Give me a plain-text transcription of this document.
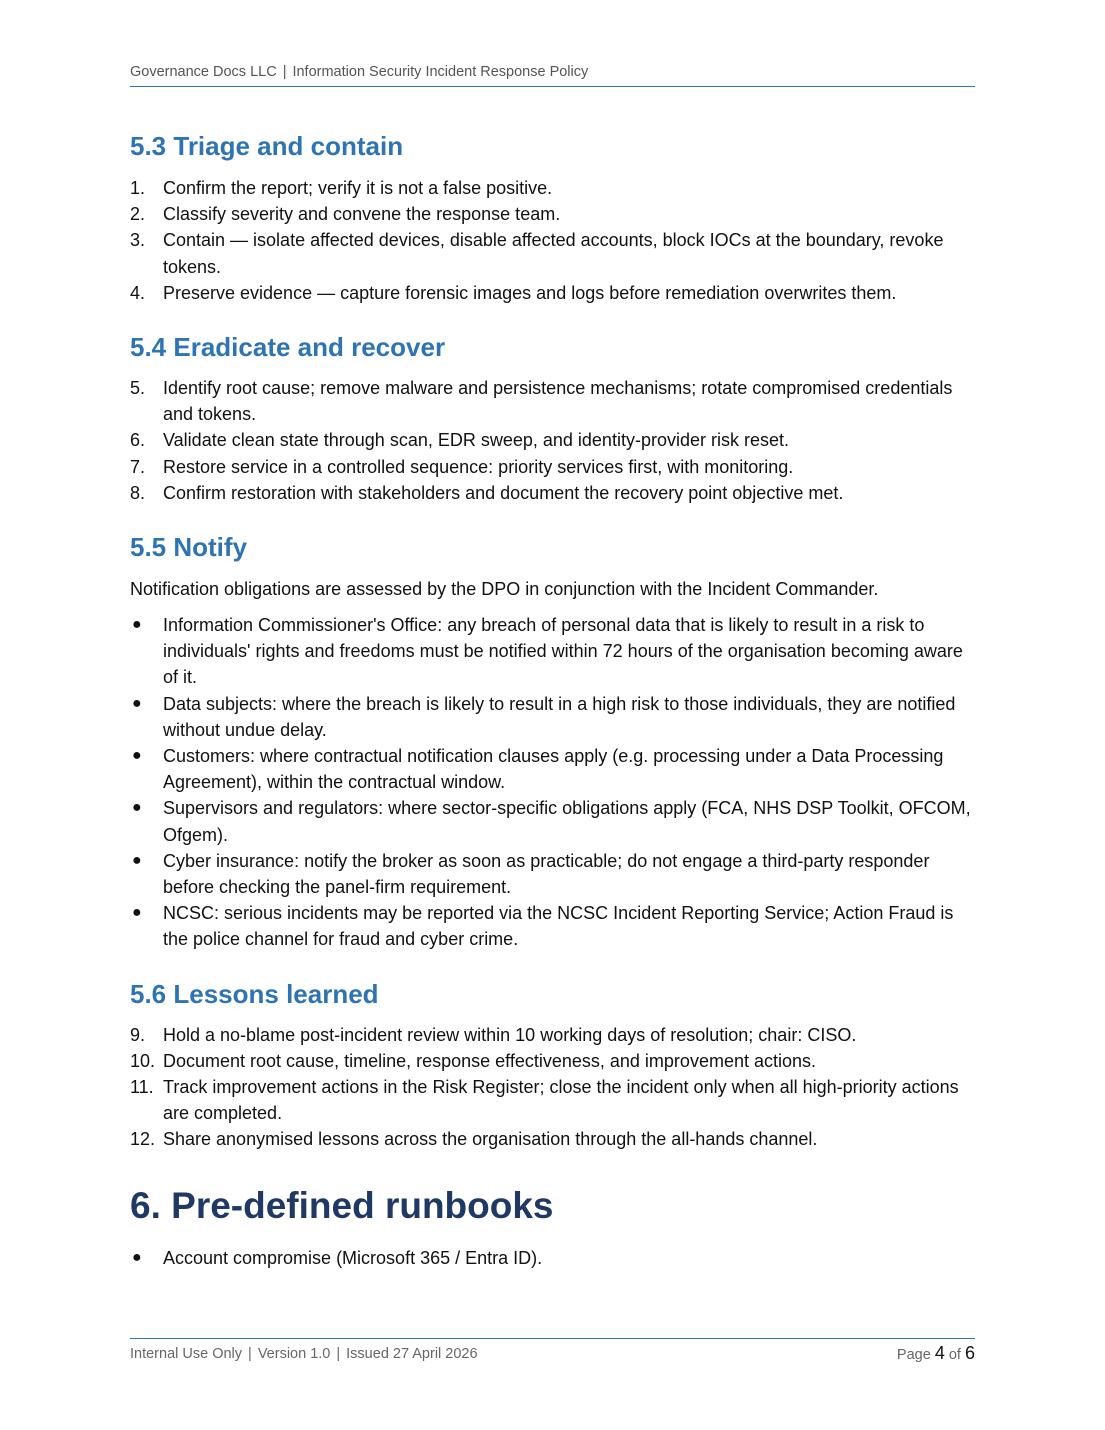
Governance Docs LLC | Information Security Incident Response Policy
5.3 Triage and contain
1. Confirm the report; verify it is not a false positive.
2. Classify severity and convene the response team.
3. Contain — isolate affected devices, disable affected accounts, block IOCs at the boundary, revoke tokens.
4. Preserve evidence — capture forensic images and logs before remediation overwrites them.
5.4 Eradicate and recover
5. Identify root cause; remove malware and persistence mechanisms; rotate compromised credentials and tokens.
6. Validate clean state through scan, EDR sweep, and identity-provider risk reset.
7. Restore service in a controlled sequence: priority services first, with monitoring.
8. Confirm restoration with stakeholders and document the recovery point objective met.
5.5 Notify

Notification obligations are assessed by the DPO in conjunction with the Incident Commander.

● Information Commissioner's Office: any breach of personal data that is likely to result in a risk to individuals' rights and freedoms must be notified within 72 hours of the organisation becoming aware of it.
● Data subjects: where the breach is likely to result in a high risk to those individuals, they are notified without undue delay.
● Customers: where contractual notification clauses apply (e.g. processing under a Data Processing Agreement), within the contractual window.
● Supervisors and regulators: where sector-specific obligations apply (FCA, NHS DSP Toolkit, OFCOM, Ofgem).
● Cyber insurance: notify the broker as soon as practicable; do not engage a third-party responder before checking the panel-firm requirement.
● NCSC: serious incidents may be reported via the NCSC Incident Reporting Service; Action Fraud is the police channel for fraud and cyber crime.
5.6 Lessons learned
9. Hold a no-blame post-incident review within 10 working days of resolution; chair: CISO.
10. Document root cause, timeline, response effectiveness, and improvement actions.
11. Track improvement actions in the Risk Register; close the incident only when all high-priority actions are completed.
12. Share anonymised lessons across the organisation through the all-hands channel.
6. Pre-defined runbooks
● Account compromise (Microsoft 365 / Entra ID).
Internal Use Only | Version 1.0 | Issued 27 April 2026	Page 4 of 6
